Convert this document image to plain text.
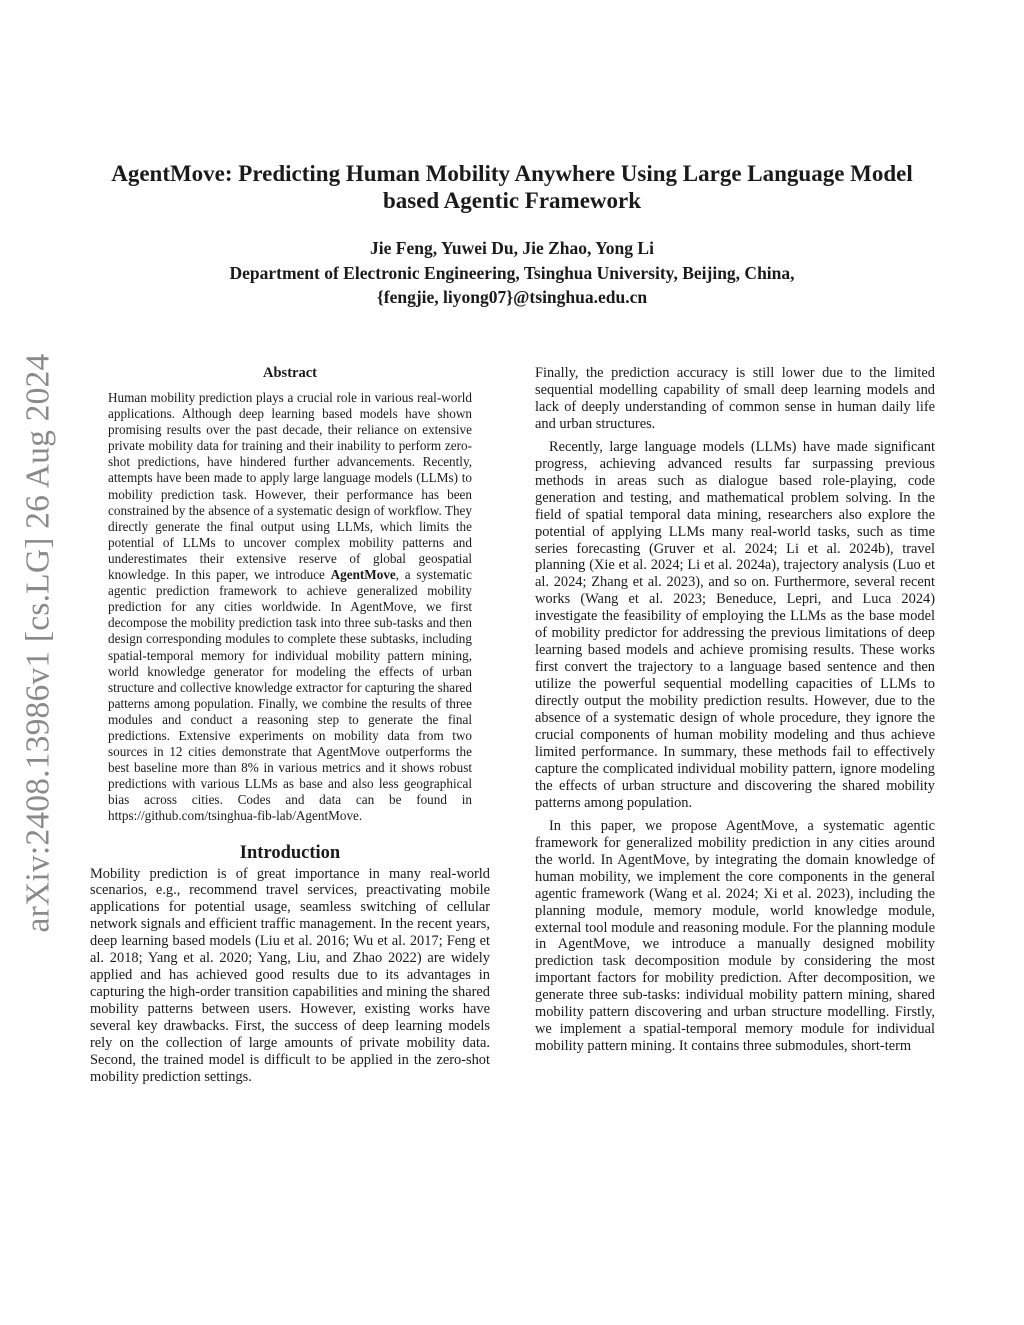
arXiv:2408.13986v1 [cs.LG] 26 Aug 2024
AgentMove: Predicting Human Mobility Anywhere Using Large Language Model
based Agentic Framework
Jie Feng, Yuwei Du, Jie Zhao, Yong Li
Department of Electronic Engineering, Tsinghua University, Beijing, China,
{fengjie, liyong07}@tsinghua.edu.cn
Abstract

Human mobility prediction plays a crucial role in various real-world applications. Although deep learning based models have shown promising results over the past decade, their reliance on extensive private mobility data for training and their inability to perform zero-shot predictions, have hindered further advancements. Recently, attempts have been made to apply large language models (LLMs) to mobility prediction task. However, their performance has been constrained by the absence of a systematic design of workflow. They directly generate the final output using LLMs, which limits the potential of LLMs to uncover complex mobility patterns and underestimates their extensive reserve of global geospatial knowledge. In this paper, we introduce AgentMove, a systematic agentic prediction framework to achieve generalized mobility prediction for any cities worldwide. In AgentMove, we first decompose the mobility prediction task into three sub-tasks and then design corresponding modules to complete these subtasks, including spatial-temporal memory for individual mobility pattern mining, world knowledge generator for modeling the effects of urban structure and collective knowledge extractor for capturing the shared patterns among population. Finally, we combine the results of three modules and conduct a reasoning step to generate the final predictions. Extensive experiments on mobility data from two sources in 12 cities demonstrate that AgentMove outperforms the best baseline more than 8% in various metrics and it shows robust predictions with various LLMs as base and also less geographical bias across cities. Codes and data can be found in https://github.com/tsinghua-fib-lab/AgentMove.

Introduction

Mobility prediction is of great importance in many real-world scenarios, e.g., recommend travel services, preactivating mobile applications for potential usage, seamless switching of cellular network signals and efficient traffic management. In the recent years, deep learning based models (Liu et al. 2016; Wu et al. 2017; Feng et al. 2018; Yang et al. 2020; Yang, Liu, and Zhao 2022) are widely applied and has achieved good results due to its advantages in capturing the high-order transition capabilities and mining the shared mobility patterns between users. However, existing works have several key drawbacks. First, the success of deep learning models rely on the collection of large amounts of private mobility data. Second, the trained model is difficult to be applied in the zero-shot mobility prediction settings.

Finally, the prediction accuracy is still lower due to the limited sequential modelling capability of small deep learning models and lack of deeply understanding of common sense in human daily life and urban structures.

Recently, large language models (LLMs) have made significant progress, achieving advanced results far surpassing previous methods in areas such as dialogue based role-playing, code generation and testing, and mathematical problem solving. In the field of spatial temporal data mining, researchers also explore the potential of applying LLMs many real-world tasks, such as time series forecasting (Gruver et al. 2024; Li et al. 2024b), travel planning (Xie et al. 2024; Li et al. 2024a), trajectory analysis (Luo et al. 2024; Zhang et al. 2023), and so on. Furthermore, several recent works (Wang et al. 2023; Beneduce, Lepri, and Luca 2024) investigate the feasibility of employing the LLMs as the base model of mobility predictor for addressing the previous limitations of deep learning based models and achieve promising results. These works first convert the trajectory to a language based sentence and then utilize the powerful sequential modelling capacities of LLMs to directly output the mobility prediction results. However, due to the absence of a systematic design of whole procedure, they ignore the crucial components of human mobility modeling and thus achieve limited performance. In summary, these methods fail to effectively capture the complicated individual mobility pattern, ignore modeling the effects of urban structure and discovering the shared mobility patterns among population.

In this paper, we propose AgentMove, a systematic agentic framework for generalized mobility prediction in any cities around the world. In AgentMove, by integrating the domain knowledge of human mobility, we implement the core components in the general agentic framework (Wang et al. 2024; Xi et al. 2023), including the planning module, memory module, world knowledge module, external tool module and reasoning module. For the planning module in AgentMove, we introduce a manually designed mobility prediction task decomposition module by considering the most important factors for mobility prediction. After decomposition, we generate three sub-tasks: individual mobility pattern mining, shared mobility pattern discovering and urban structure modelling. Firstly, we implement a spatial-temporal memory module for individual mobility pattern mining. It contains three submodules, short-term
